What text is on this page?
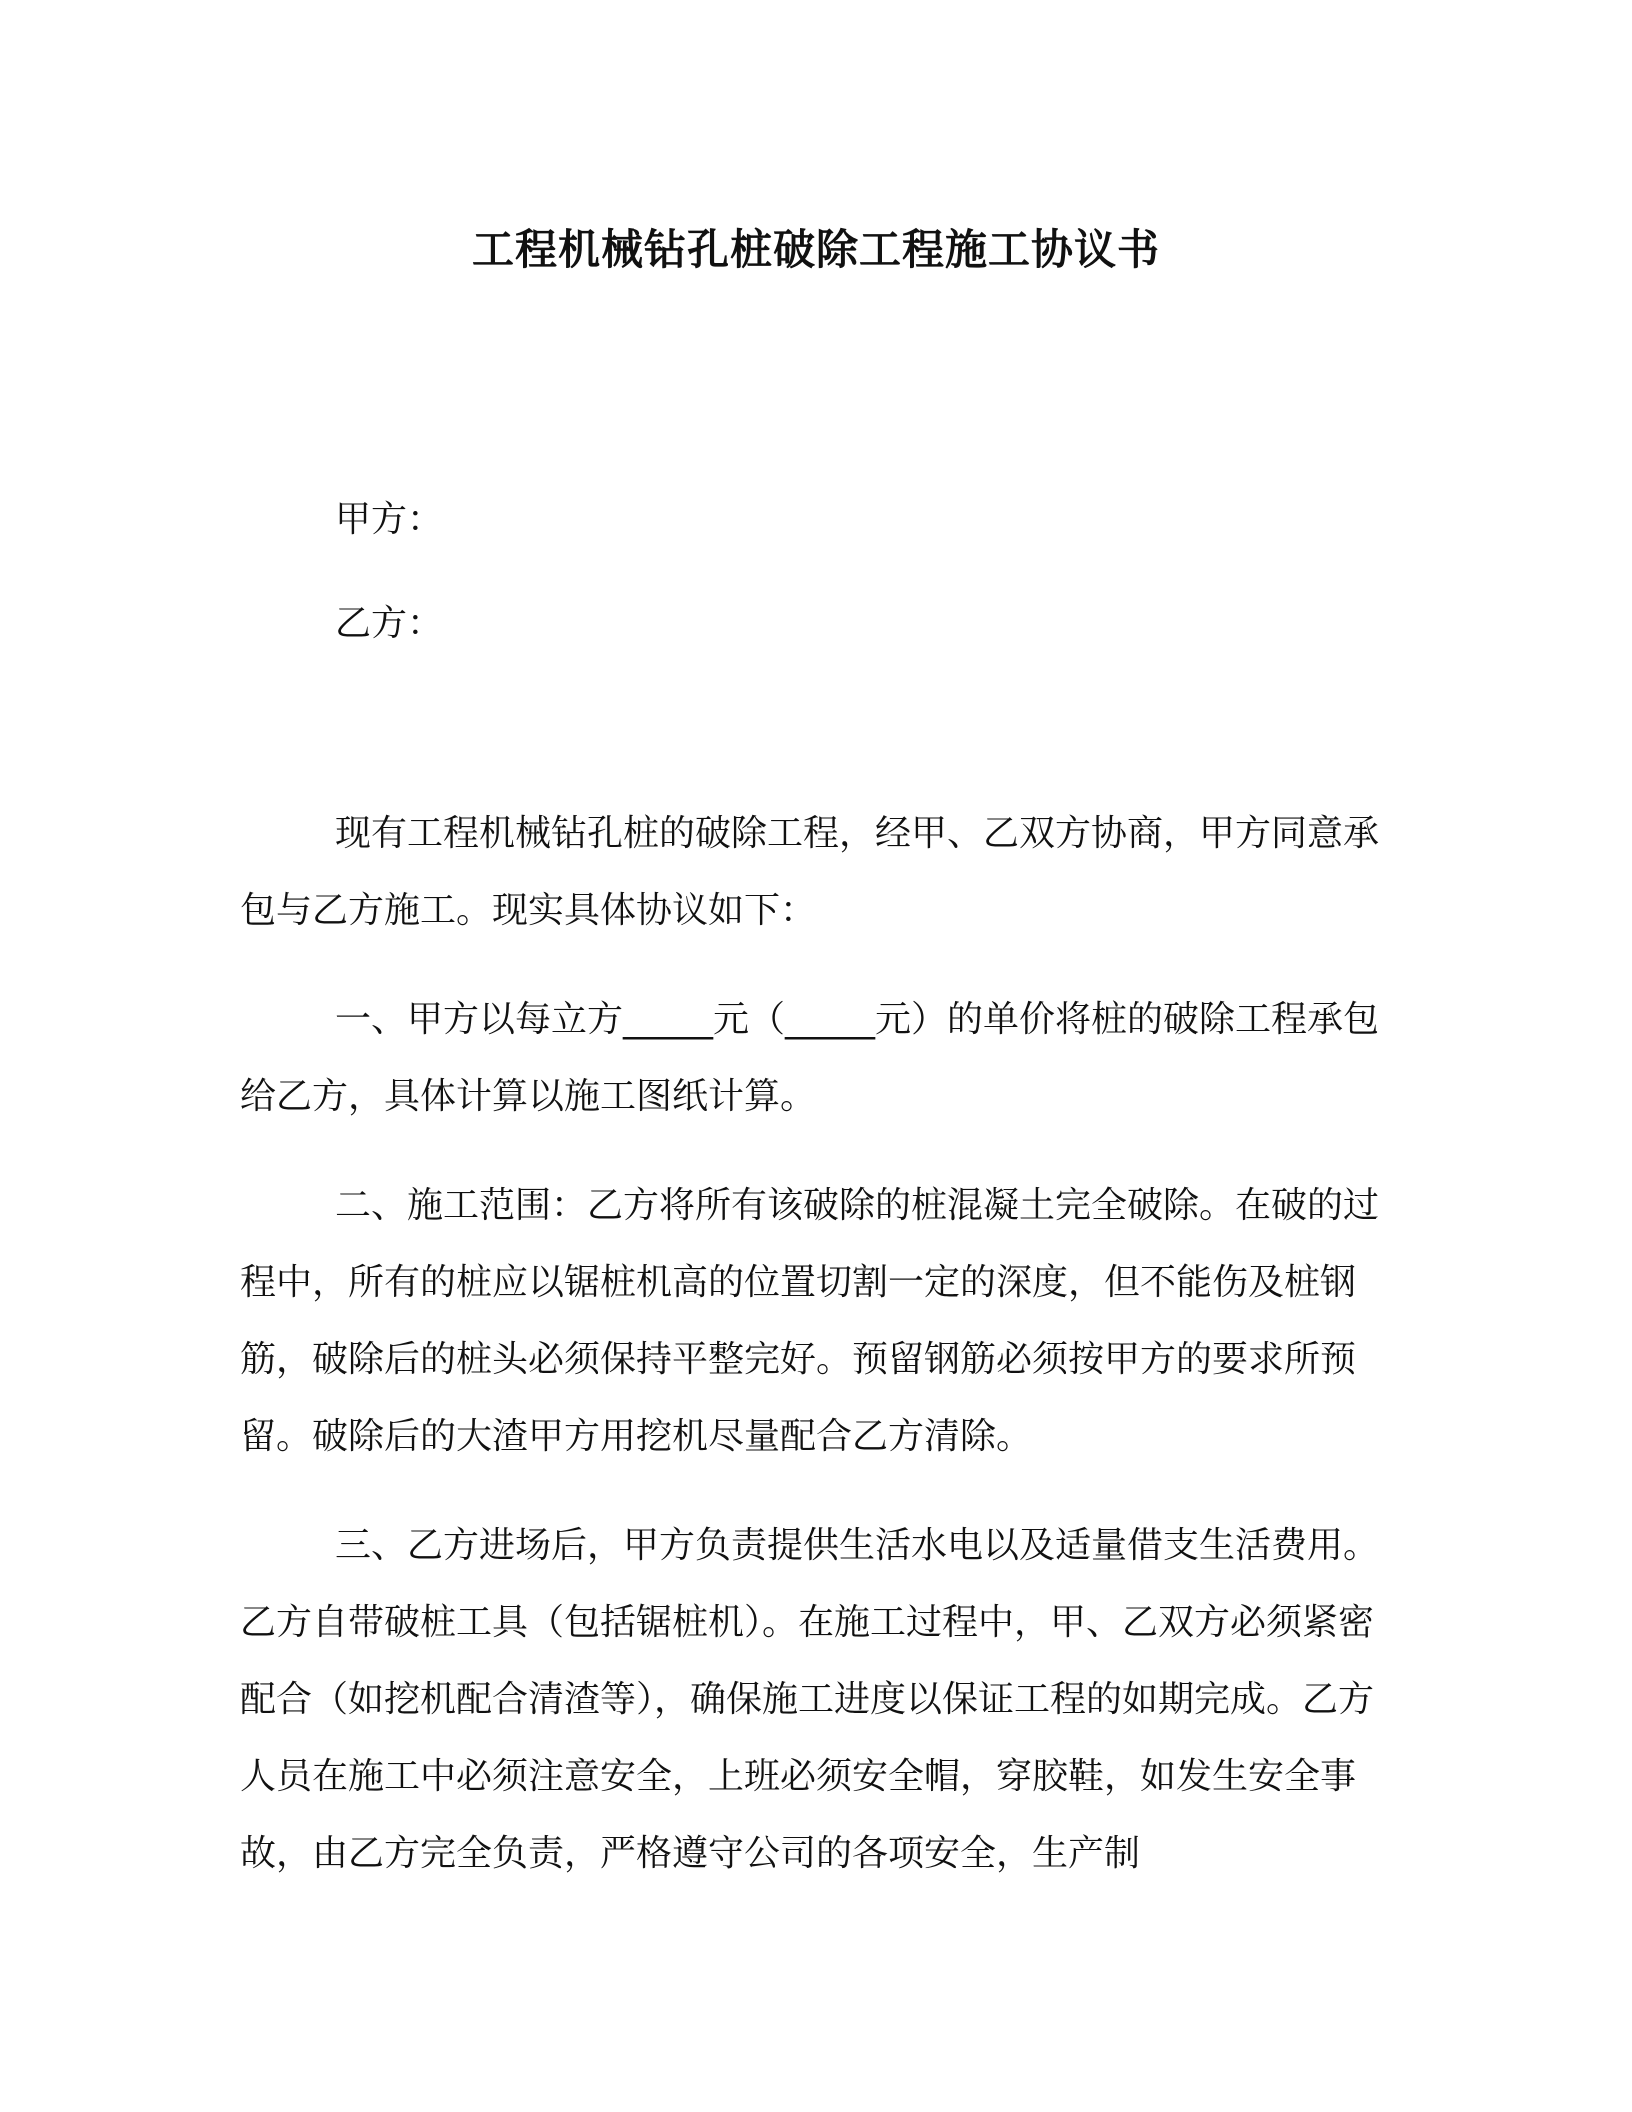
工程机械钻孔桩破除工程施工协议书
甲方：
乙方：

现有工程机械钻孔桩的破除工程，经甲、乙双方协商，甲方同意承包与乙方施工。现实具体协议如下：

一、甲方以每立方_____元（_____元）的单价将桩的破除工程承包给乙方，具体计算以施工图纸计算。

二、施工范围：乙方将所有该破除的桩混凝土完全破除。在破的过程中，所有的桩应以锯桩机高的位置切割一定的深度，但不能伤及桩钢筋，破除后的桩头必须保持平整完好。预留钢筋必须按甲方的要求所预留。破除后的大渣甲方用挖机尽量配合乙方清除。

三、乙方进场后，甲方负责提供生活水电以及适量借支生活费用。乙方自带破桩工具（包括锯桩机）。在施工过程中，甲、乙双方必须紧密配合（如挖机配合清渣等），确保施工进度以保证工程的如期完成。乙方人员在施工中必须注意安全，上班必须安全帽，穿胶鞋，如发生安全事故，由乙方完全负责，严格遵守公司的各项安全，生产制
